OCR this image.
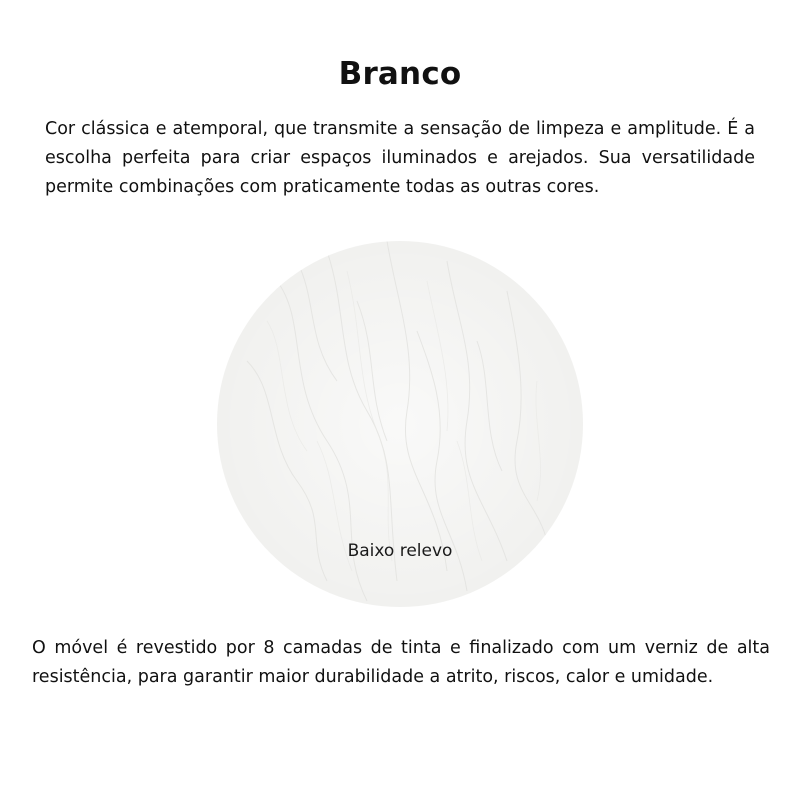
Branco

Cor clássica e atemporal, que transmite a sensação de limpeza e amplitude. É a escolha perfeita para criar espaços iluminados e arejados. Sua versatilidade permite combinações com praticamente todas as outras cores.

Baixo relevo

O móvel é revestido por 8 camadas de tinta e finalizado com um verniz de alta resistência, para garantir maior durabilidade a atrito, riscos, calor e umidade.
